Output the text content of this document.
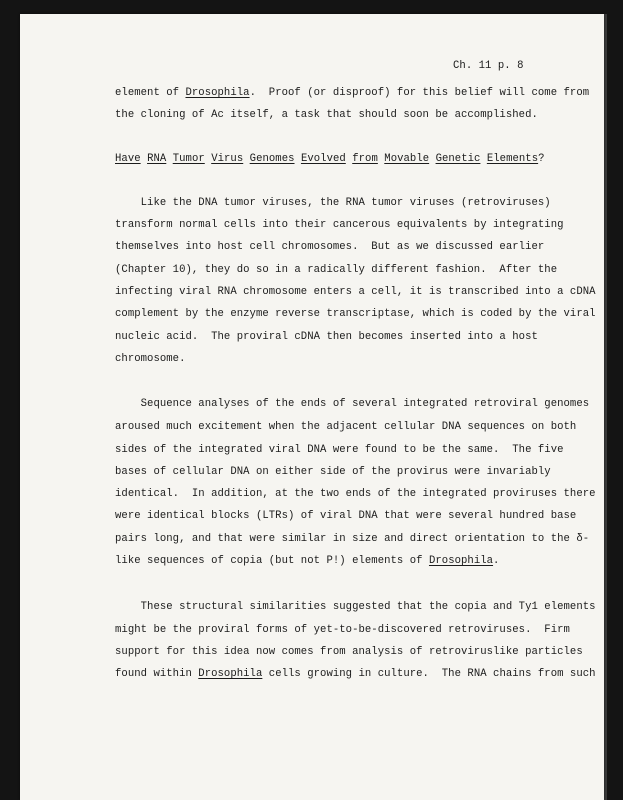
Ch. 11 p. 8
element of Drosophila.  Proof (or disproof) for this belief will come from
the cloning of Ac itself, a task that should soon be accomplished.
Have RNA Tumor Virus Genomes Evolved from Movable Genetic Elements?
Like the DNA tumor viruses, the RNA tumor viruses (retroviruses)
transform normal cells into their cancerous equivalents by integrating
themselves into host cell chromosomes.  But as we discussed earlier
(Chapter 10), they do so in a radically different fashion.  After the
infecting viral RNA chromosome enters a cell, it is transcribed into a cDNA
complement by the enzyme reverse transcriptase, which is coded by the viral
nucleic acid.  The proviral cDNA then becomes inserted into a host
chromosome.
Sequence analyses of the ends of several integrated retroviral genomes
aroused much excitement when the adjacent cellular DNA sequences on both
sides of the integrated viral DNA were found to be the same.  The five
bases of cellular DNA on either side of the provirus were invariably
identical.  In addition, at the two ends of the integrated proviruses there
were identical blocks (LTRs) of viral DNA that were several hundred base
pairs long, and that were similar in size and direct orientation to the δ-
like sequences of copia (but not P!) elements of Drosophila.
These structural similarities suggested that the copia and Ty1 elements
might be the proviral forms of yet-to-be-discovered retroviruses.  Firm
support for this idea now comes from analysis of retroviruslike particles
found within Drosophila cells growing in culture.  The RNA chains from such
